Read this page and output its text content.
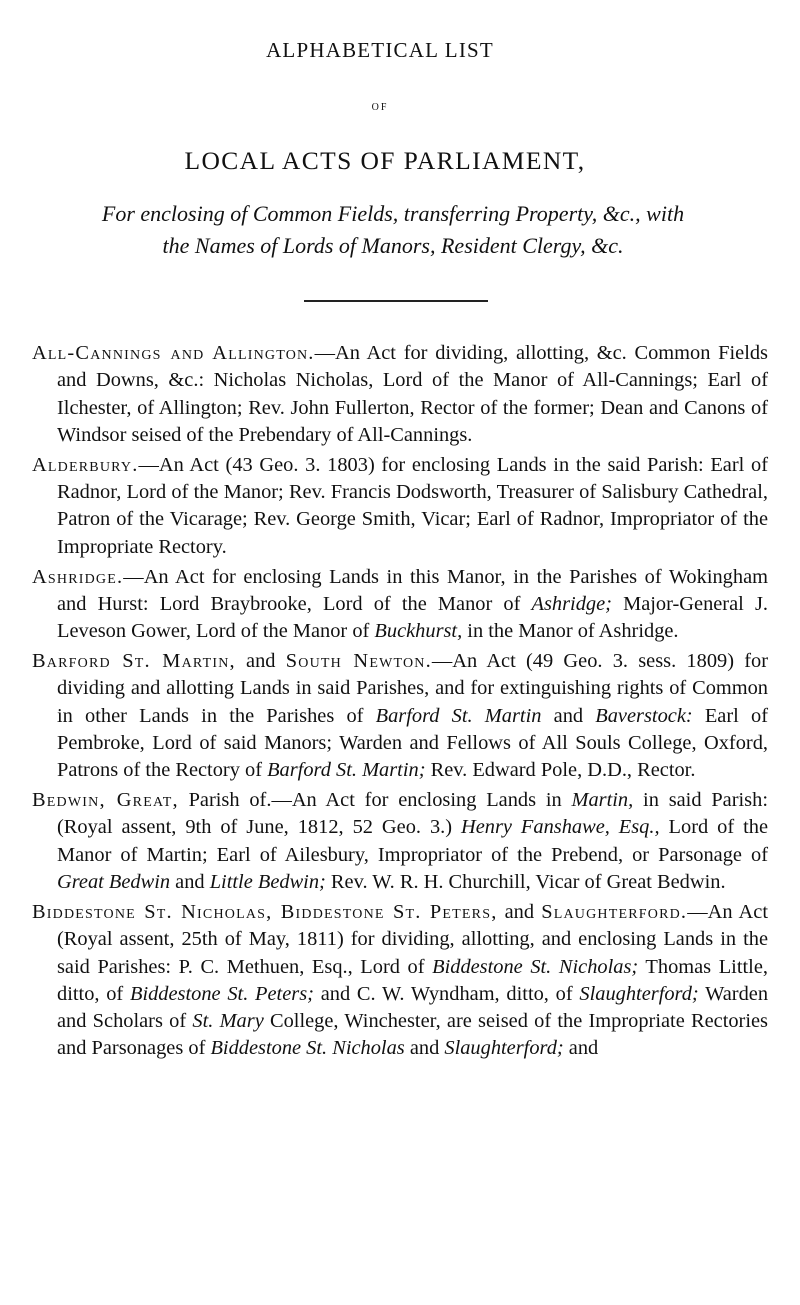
ALPHABETICAL LIST
OF
LOCAL ACTS OF PARLIAMENT,
For enclosing of Common Fields, transferring Property, &c., with
the Names of Lords of Manors, Resident Clergy, &c.

All-Cannings and Allington.—An Act for dividing, allotting, &c. Common Fields and Downs, &c.: Nicholas Nicholas, Lord of the Manor of All-Cannings; Earl of Ilchester, of Allington; Rev. John Fullerton, Rector of the former; Dean and Canons of Windsor seised of the Prebendary of All-Cannings.

Alderbury.—An Act (43 Geo. 3. 1803) for enclosing Lands in the said Parish: Earl of Radnor, Lord of the Manor; Rev. Francis Dodsworth, Treasurer of Salisbury Cathedral, Patron of the Vicarage; Rev. George Smith, Vicar; Earl of Radnor, Impropriator of the Impropriate Rectory.

Ashridge.—An Act for enclosing Lands in this Manor, in the Parishes of Wokingham and Hurst: Lord Braybrooke, Lord of the Manor of Ashridge; Major-General J. Leveson Gower, Lord of the Manor of Buckhurst, in the Manor of Ashridge.

Barford St. Martin, and South Newton.—An Act (49 Geo. 3. sess. 1809) for dividing and allotting Lands in said Parishes, and for extinguishing rights of Common in other Lands in the Parishes of Barford St. Martin and Baverstock: Earl of Pembroke, Lord of said Manors; Warden and Fellows of All Souls College, Oxford, Patrons of the Rectory of Barford St. Martin; Rev. Edward Pole, D.D., Rector.

Bedwin, Great, Parish of.—An Act for enclosing Lands in Martin, in said Parish: (Royal assent, 9th of June, 1812, 52 Geo. 3.) Henry Fanshawe, Esq., Lord of the Manor of Martin; Earl of Ailesbury, Impropriator of the Prebend, or Parsonage of Great Bedwin and Little Bedwin; Rev. W. R. H. Churchill, Vicar of Great Bedwin.

Biddestone St. Nicholas, Biddestone St. Peters, and Slaughterford.—An Act (Royal assent, 25th of May, 1811) for dividing, allotting, and enclosing Lands in the said Parishes: P. C. Methuen, Esq., Lord of Biddestone St. Nicholas; Thomas Little, ditto, of Biddestone St. Peters; and C. W. Wyndham, ditto, of Slaughterford; Warden and Scholars of St. Mary College, Winchester, are seised of the Impropriate Rectories and Parsonages of Biddestone St. Nicholas and Slaughterford; and
